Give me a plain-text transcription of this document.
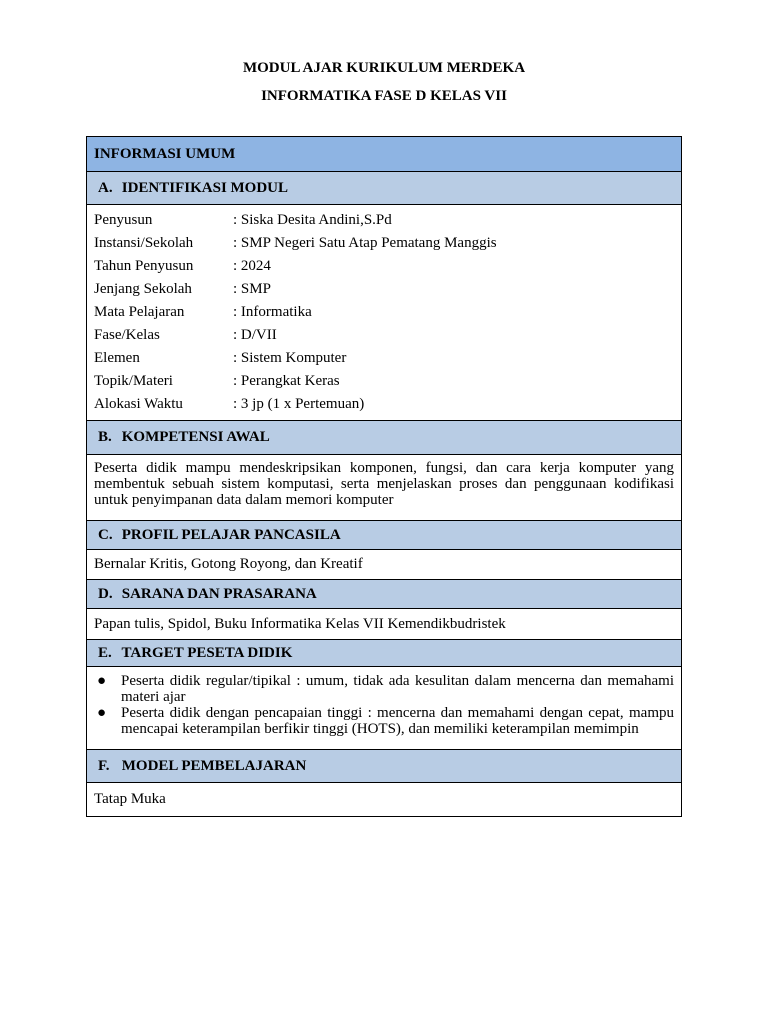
MODUL AJAR KURIKULUM MERDEKA
INFORMATIKA FASE D KELAS VII
INFORMASI UMUM
A. IDENTIFIKASI MODUL

Penyusun	: Siska Desita Andini,S.Pd
Instansi/Sekolah	: SMP Negeri Satu Atap Pematang Manggis
Tahun Penyusun	: 2024
Jenjang Sekolah	: SMP
Mata Pelajaran	: Informatika
Fase/Kelas	: D/VII
Elemen	: Sistem Komputer
Topik/Materi	: Perangkat Keras
Alokasi Waktu	: 3 jp (1 x Pertemuan)

B. KOMPETENSI AWAL
Peserta didik mampu mendeskripsikan komponen, fungsi, dan cara kerja komputer yang membentuk sebuah sistem komputasi, serta menjelaskan proses dan penggunaan kodifikasi untuk penyimpanan data dalam memori komputer
C. PROFIL PELAJAR PANCASILA
Bernalar Kritis, Gotong Royong, dan Kreatif
D. SARANA DAN PRASARANA
Papan tulis, Spidol, Buku Informatika Kelas VII Kemendikbudristek
E. TARGET PESETA DIDIK

● Peserta didik regular/tipikal : umum, tidak ada kesulitan dalam mencerna dan memahami materi ajar
● Peserta didik dengan pencapaian tinggi : mencerna dan memahami dengan cepat, mampu mencapai keterampilan berfikir tinggi (HOTS), dan memiliki keterampilan memimpin

F. MODEL PEMBELAJARAN
Tatap Muka
